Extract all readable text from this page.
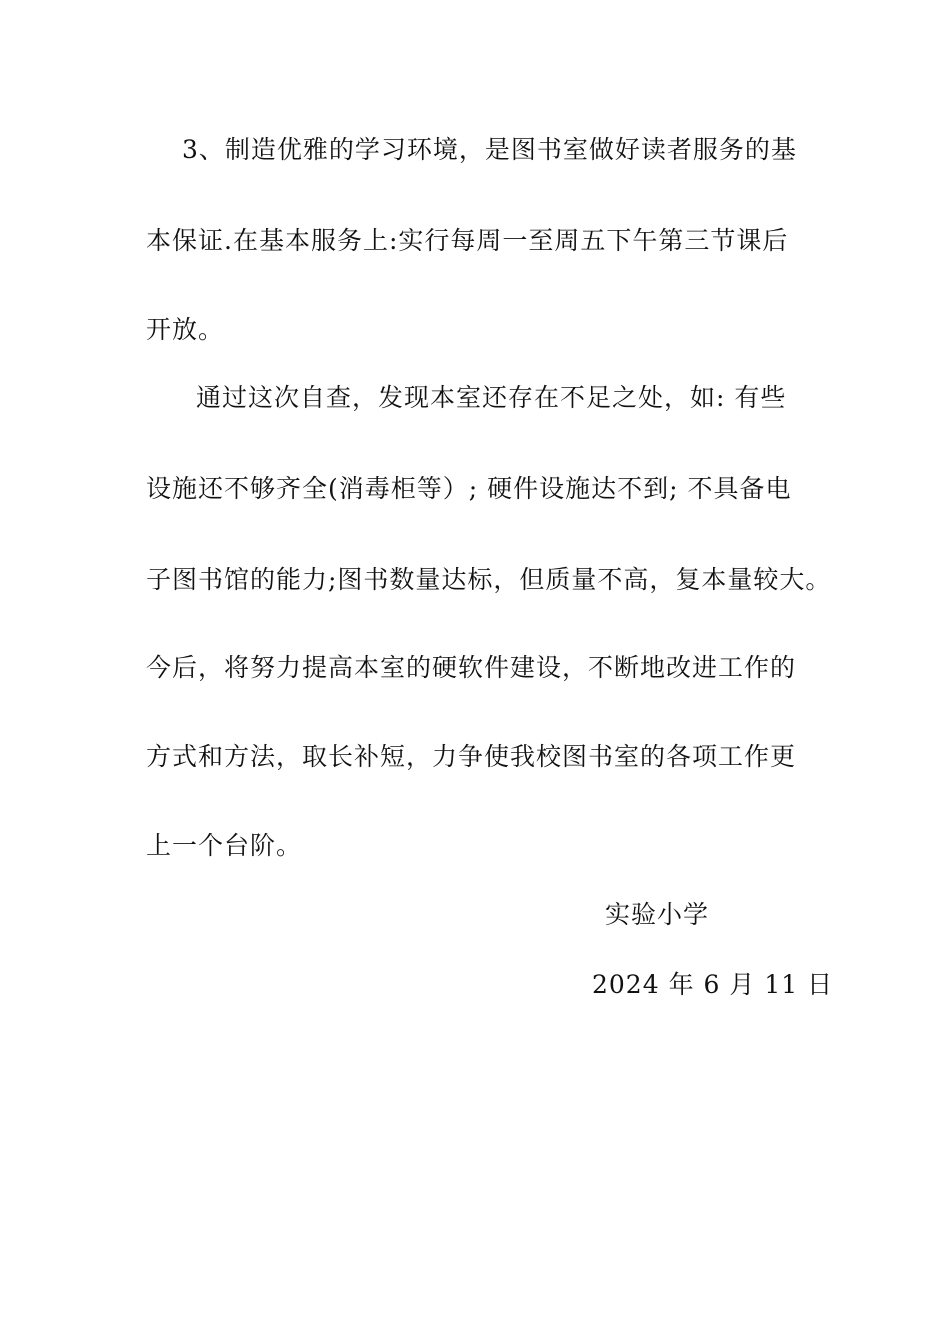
3、制造优雅的学习环境，是图书室做好读者服务的基
本保证.在基本服务上:实行每周一至周五下午第三节课后
开放。
通过这次自查，发现本室还存在不足之处，如: 有些
设施还不够齐全(消毒柜等）; 硬件设施达不到; 不具备电
子图书馆的能力;图书数量达标，但质量不高，复本量较大。
今后，将努力提高本室的硬软件建设，不断地改进工作的
方式和方法，取长补短，力争使我校图书室的各项工作更
上一个台阶。
实验小学
2024 年 6 月 11 日
